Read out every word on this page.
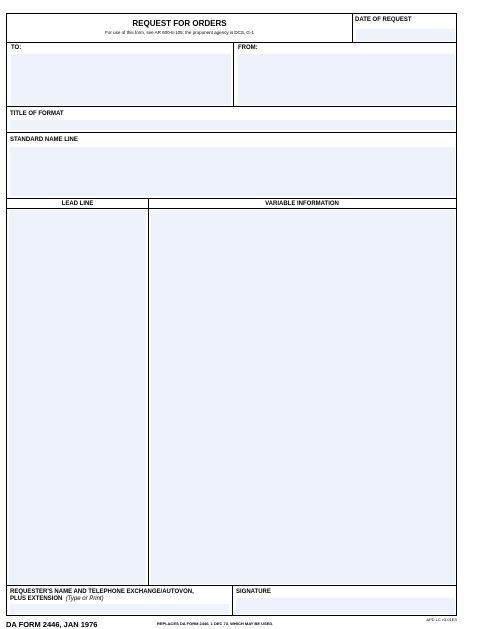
REQUEST FOR ORDERS
For use of this form, see AR 600-8-105; the proponent agency is DCS, G-1
DATE OF REQUEST
TO:	FROM:
TITLE OF FORMAT
STANDARD NAME LINE
LEAD LINE	VARIABLE INFORMATION
REQUESTER'S NAME AND TELEPHONE EXCHANGE/AUTOVON,
PLUS EXTENSION (Type or Print)
SIGNATURE
DA FORM 2446, JAN 1976	REPLACES DA FORM 2446, 1 DEC 73, WHICH MAY BE USED.
APD LC v3.01ES
